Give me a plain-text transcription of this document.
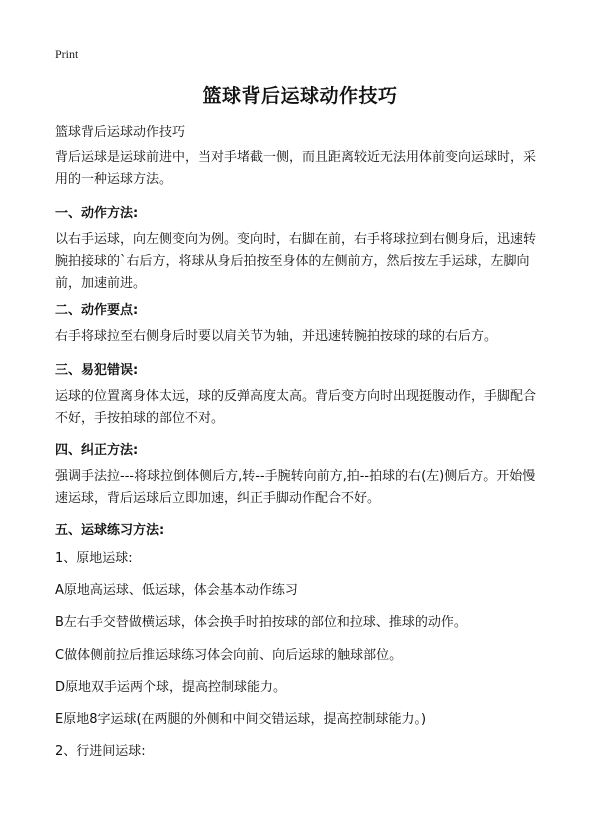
Print
篮球背后运球动作技巧
篮球背后运球动作技巧

背后运球是运球前进中，当对手堵截一侧，而且距离较近无法用体前变向运球时，采用的一种运球方法。

一、动作方法:

以右手运球，向左侧变向为例。变向时，右脚在前，右手将球拉到右侧身后，迅速转腕拍接球的`右后方，将球从身后拍按至身体的左侧前方，然后按左手运球，左脚向前，加速前进。

二、动作要点:

右手将球拉至右侧身后时要以肩关节为轴，并迅速转腕拍按球的球的右后方。

三、易犯错误:

运球的位置离身体太远，球的反弹高度太高。背后变方向时出现挺腹动作，手脚配合不好，手按拍球的部位不对。

四、纠正方法:

强调手法拉---将球拉倒体侧后方,转--手腕转向前方,拍--拍球的右(左)侧后方。开始慢速运球，背后运球后立即加速，纠正手脚动作配合不好。

五、运球练习方法:

1、原地运球:

A原地高运球、低运球，体会基本动作练习

B左右手交替做横运球，体会换手时拍按球的部位和拉球、推球的动作。

C做体侧前拉后推运球练习体会向前、向后运球的触球部位。

D原地双手运两个球，提高控制球能力。

E原地8字运球(在两腿的外侧和中间交错运球，提高控制球能力。)

2、行进间运球:
